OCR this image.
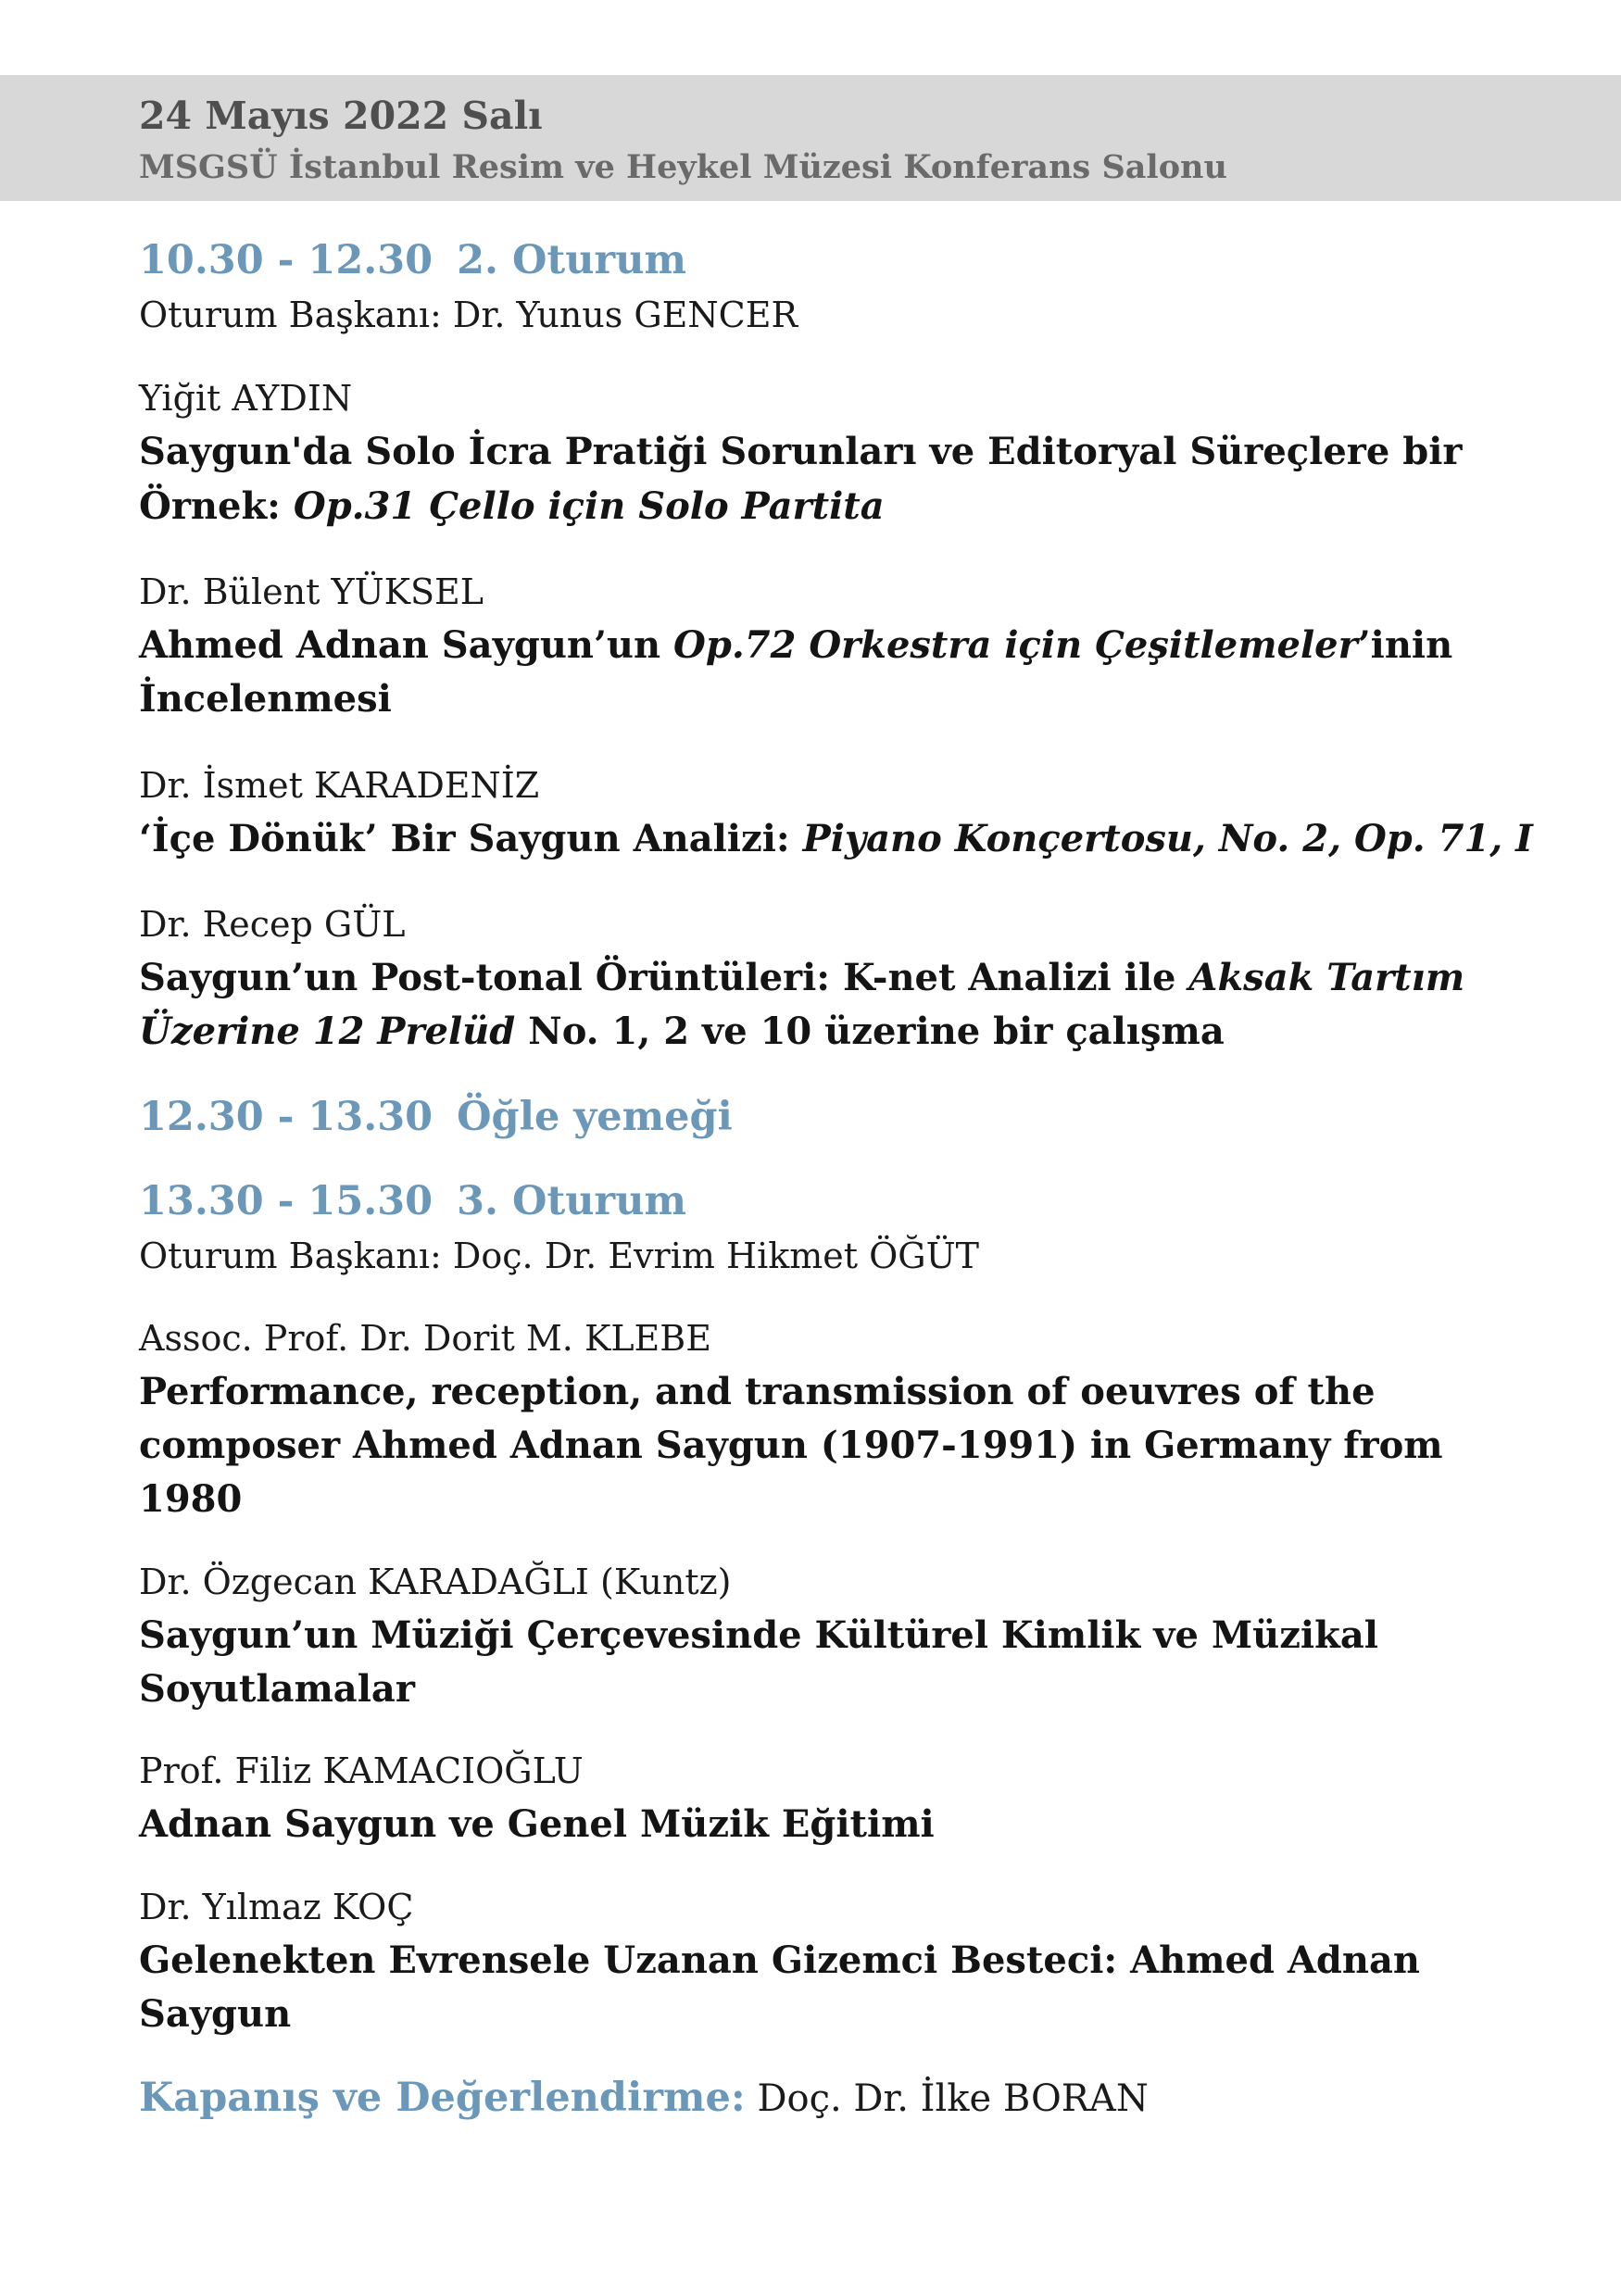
24 Mayıs 2022 Salı
MSGSÜ İstanbul Resim ve Heykel Müzesi Konferans Salonu
10.30 - 12.30 2. Oturum
Oturum Başkanı: Dr. Yunus GENCER
Yiğit AYDIN
Saygun'da Solo İcra Pratiği Sorunları ve Editoryal Süreçlere bir
Örnek: Op.31 Çello için Solo Partita
Dr. Bülent YÜKSEL
Ahmed Adnan Saygun’un Op.72 Orkestra için Çeşitlemeler’inin
İncelenmesi
Dr. İsmet KARADENİZ
‘İçe Dönük’ Bir Saygun Analizi: Piyano Konçertosu, No. 2, Op. 71, I
Dr. Recep GÜL
Saygun’un Post-tonal Örüntüleri: K-net Analizi ile Aksak Tartım
Üzerine 12 Prelüd No. 1, 2 ve 10 üzerine bir çalışma
12.30 - 13.30 Öğle yemeği
13.30 - 15.30 3. Oturum
Oturum Başkanı: Doç. Dr. Evrim Hikmet ÖĞÜT
Assoc. Prof. Dr. Dorit M. KLEBE
Performance, reception, and transmission of oeuvres of the
composer Ahmed Adnan Saygun (1907-1991) in Germany from
1980
Dr. Özgecan KARADAĞLI (Kuntz)
Saygun’un Müziği Çerçevesinde Kültürel Kimlik ve Müzikal
Soyutlamalar
Prof. Filiz KAMACIOĞLU
Adnan Saygun ve Genel Müzik Eğitimi
Dr. Yılmaz KOÇ
Gelenekten Evrensele Uzanan Gizemci Besteci: Ahmed Adnan
Saygun
Kapanış ve Değerlendirme: Doç. Dr. İlke BORAN
